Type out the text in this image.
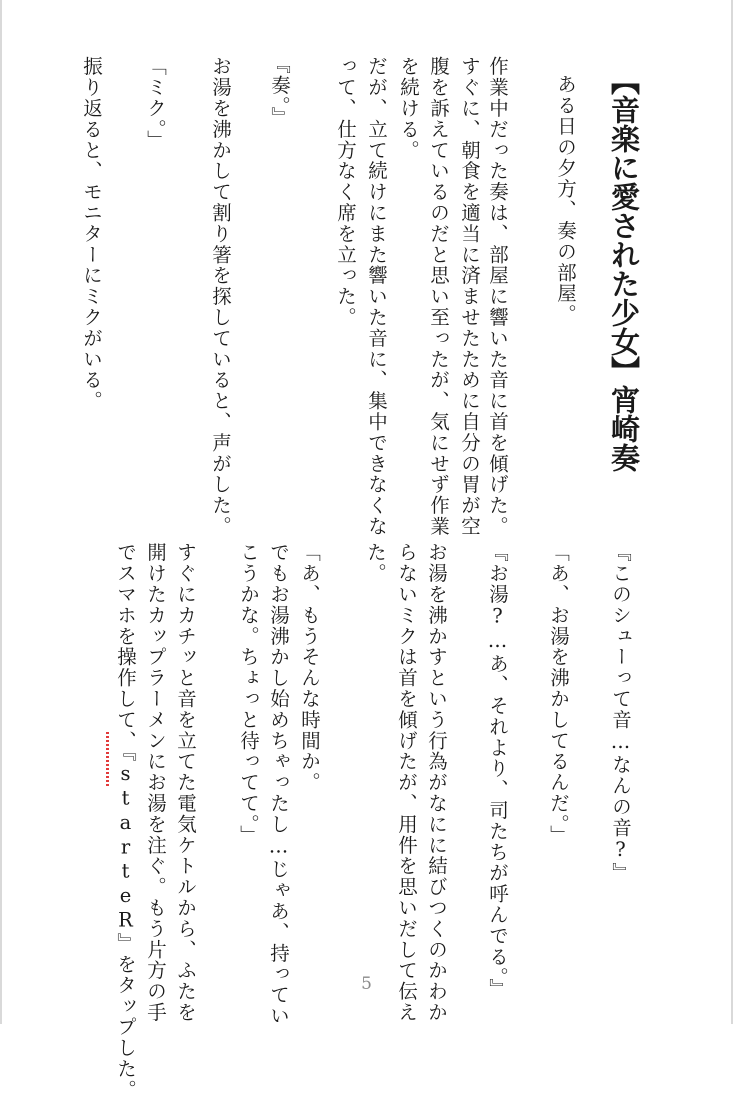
【音楽に愛された少女】宵崎奏
ある日の夕方、奏の部屋。
作業中だった奏は、部屋に響いた音に首を傾げた。
すぐに、朝食を適当に済ませたために自分の胃が空
腹を訴えているのだと思い至ったが、気にせず作業
を続ける。
だが、立て続けにまた響いた音に、集中できなくな
って、仕方なく席を立った。
『奏。』
お湯を沸かして割り箸を探していると、声がした。
「ミク。」
振り返ると、モニターにミクがいる。
『このシューって音…なんの音?』
「あ、お湯を沸かしてるんだ。」
『お湯?…あ、それより、司たちが呼んでる。』
お湯を沸かすという行為がなにに結びつくのかわか
らないミクは首を傾げたが、用件を思いだして伝え
た。
「あ、もうそんな時間か。
でもお湯沸かし始めちゃったし…じゃあ、持ってい
こうかな。ちょっと待ってて。」
すぐにカチッと音を立てた電気ケトルから、ふたを
開けたカップラーメンにお湯を注ぐ。もう片方の手
でスマホを操作して、『starteR』をタップした。	5
